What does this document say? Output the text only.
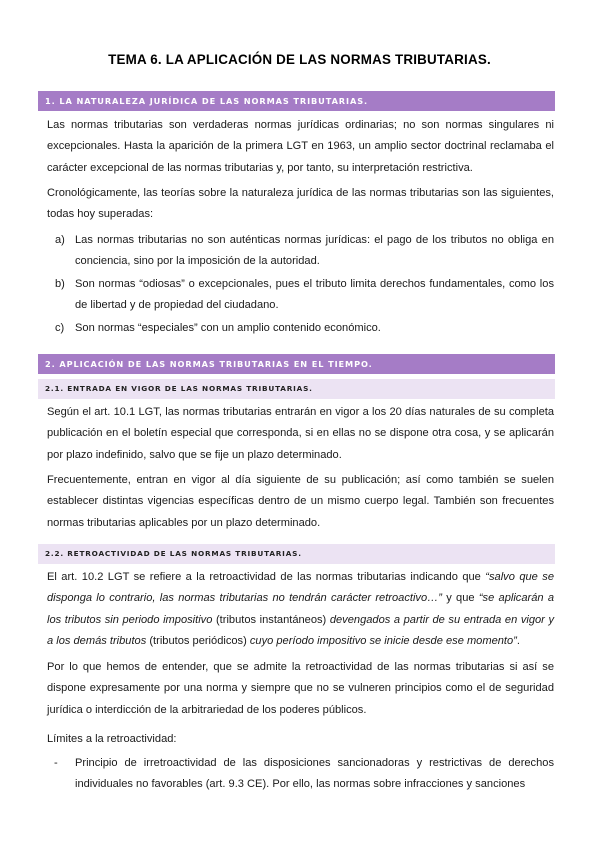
TEMA 6. LA APLICACIÓN DE LAS NORMAS TRIBUTARIAS.
1. LA NATURALEZA JURÍDICA DE LAS NORMAS TRIBUTARIAS.
Las normas tributarias son verdaderas normas jurídicas ordinarias; no son normas singulares ni excepcionales. Hasta la aparición de la primera LGT en 1963, un amplio sector doctrinal reclamaba el carácter excepcional de las normas tributarias y, por tanto, su interpretación restrictiva.
Cronológicamente, las teorías sobre la naturaleza jurídica de las normas tributarias son las siguientes, todas hoy superadas:
a) Las normas tributarias no son auténticas normas jurídicas: el pago de los tributos no obliga en conciencia, sino por la imposición de la autoridad.
b) Son normas “odiosas” o excepcionales, pues el tributo limita derechos fundamentales, como los de libertad y de propiedad del ciudadano.
c) Son normas “especiales” con un amplio contenido económico.
2. APLICACIÓN DE LAS NORMAS TRIBUTARIAS EN EL TIEMPO.
2.1. ENTRADA EN VIGOR DE LAS NORMAS TRIBUTARIAS.
Según el art. 10.1 LGT, las normas tributarias entrarán en vigor a los 20 días naturales de su completa publicación en el boletín especial que corresponda, si en ellas no se dispone otra cosa, y se aplicarán por plazo indefinido, salvo que se fije un plazo determinado.
Frecuentemente, entran en vigor al día siguiente de su publicación; así como también se suelen establecer distintas vigencias específicas dentro de un mismo cuerpo legal. También son frecuentes normas tributarias aplicables por un plazo determinado.
2.2. RETROACTIVIDAD DE LAS NORMAS TRIBUTARIAS.
El art. 10.2 LGT se refiere a la retroactividad de las normas tributarias indicando que “salvo que se disponga lo contrario, las normas tributarias no tendrán carácter retroactivo…” y que “se aplicarán a los tributos sin periodo impositivo (tributos instantáneos) devengados a partir de su entrada en vigor y a los demás tributos (tributos periódicos) cuyo período impositivo se inicie desde ese momento”.
Por lo que hemos de entender, que se admite la retroactividad de las normas tributarias si así se dispone expresamente por una norma y siempre que no se vulneren principios como el de seguridad jurídica o interdicción de la arbitrariedad de los poderes públicos.
Límites a la retroactividad:
- Principio de irretroactividad de las disposiciones sancionadoras y restrictivas de derechos individuales no favorables (art. 9.3 CE). Por ello, las normas sobre infracciones y sanciones
